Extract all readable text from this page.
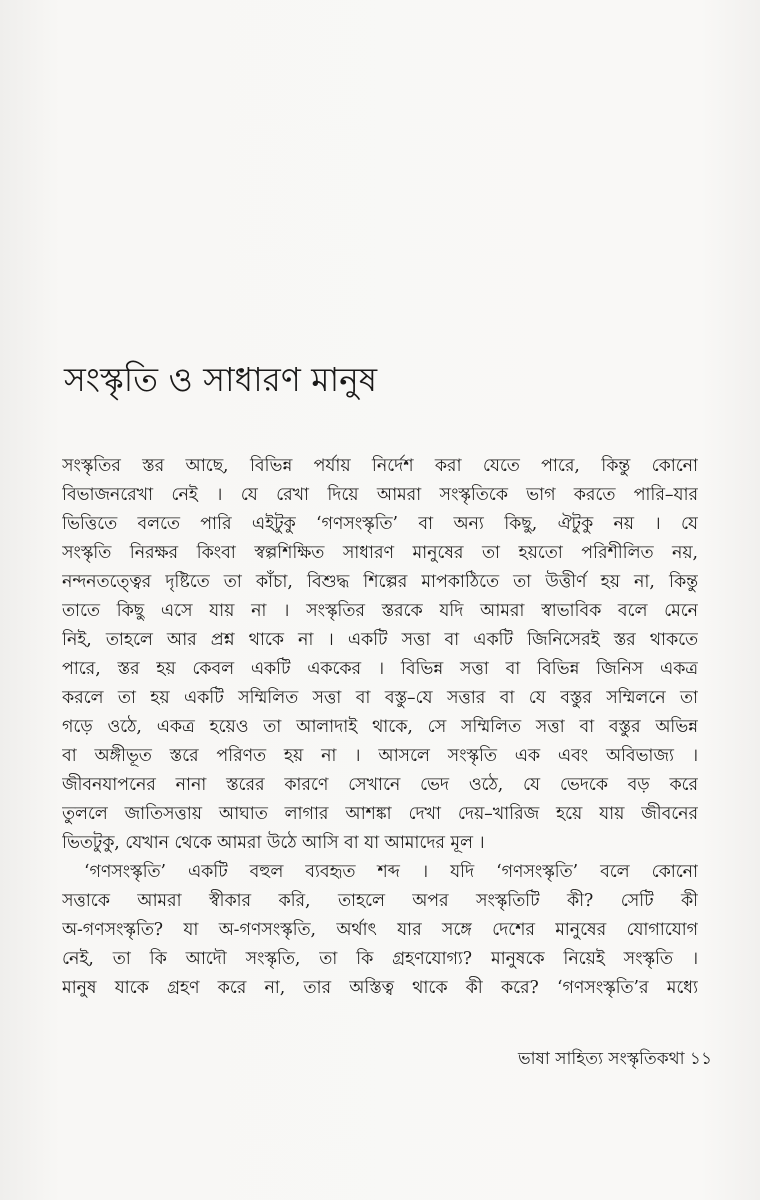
সংস্কৃতি ও সাধারণ মানুষ
সংস্কৃতির স্তর আছে, বিভিন্ন পর্যায় নির্দেশ করা যেতে পারে, কিন্তু কোনো
বিভাজনরেখা নেই । যে রেখা দিয়ে আমরা সংস্কৃতিকে ভাগ করতে পারি–যার
ভিত্তিতে বলতে পারি এইটুকু ‘গণসংস্কৃতি’ বা অন্য কিছু, ঐটুকু নয় । যে
সংস্কৃতি নিরক্ষর কিংবা স্বল্পশিক্ষিত সাধারণ মানুষের তা হয়তো পরিশীলিত নয়,
নন্দনতত্ত্বের দৃষ্টিতে তা কাঁচা, বিশুদ্ধ শিল্পের মাপকাঠিতে তা উত্তীর্ণ হয় না, কিন্তু
তাতে কিছু এসে যায় না । সংস্কৃতির স্তরকে যদি আমরা স্বাভাবিক বলে মেনে
নিই, তাহলে আর প্রশ্ন থাকে না । একটি সত্তা বা একটি জিনিসেরই স্তর থাকতে
পারে, স্তর হয় কেবল একটি এককের । বিভিন্ন সত্তা বা বিভিন্ন জিনিস একত্র
করলে তা হয় একটি সম্মিলিত সত্তা বা বস্তু–যে সত্তার বা যে বস্তুর সম্মিলনে তা
গড়ে ওঠে, একত্র হয়েও তা আলাদাই থাকে, সে সম্মিলিত সত্তা বা বস্তুর অভিন্ন
বা অঙ্গীভূত স্তরে পরিণত হয় না । আসলে সংস্কৃতি এক এবং অবিভাজ্য ।
জীবনযাপনের নানা স্তরের কারণে সেখানে ভেদ ওঠে, যে ভেদকে বড় করে
তুললে জাতিসত্তায় আঘাত লাগার আশঙ্কা দেখা দেয়–খারিজ হয়ে যায় জীবনের
ভিতটুকু, যেখান থেকে আমরা উঠে আসি বা যা আমাদের মূল ।
‘গণসংস্কৃতি’ একটি বহুল ব্যবহৃত শব্দ । যদি ‘গণসংস্কৃতি’ বলে কোনো
সত্তাকে আমরা স্বীকার করি, তাহলে অপর সংস্কৃতিটি কী? সেটি কী
অ-গণসংস্কৃতি? যা অ-গণসংস্কৃতি, অর্থাৎ যার সঙ্গে দেশের মানুষের যোগাযোগ
নেই, তা কি আদৌ সংস্কৃতি, তা কি গ্রহণযোগ্য? মানুষকে নিয়েই সংস্কৃতি ।
মানুষ যাকে গ্রহণ করে না, তার অস্তিত্ব থাকে কী করে? ‘গণসংস্কৃতি’র মধ্যে
ভাষা সাহিত্য সংস্কৃতিকথা ১১
